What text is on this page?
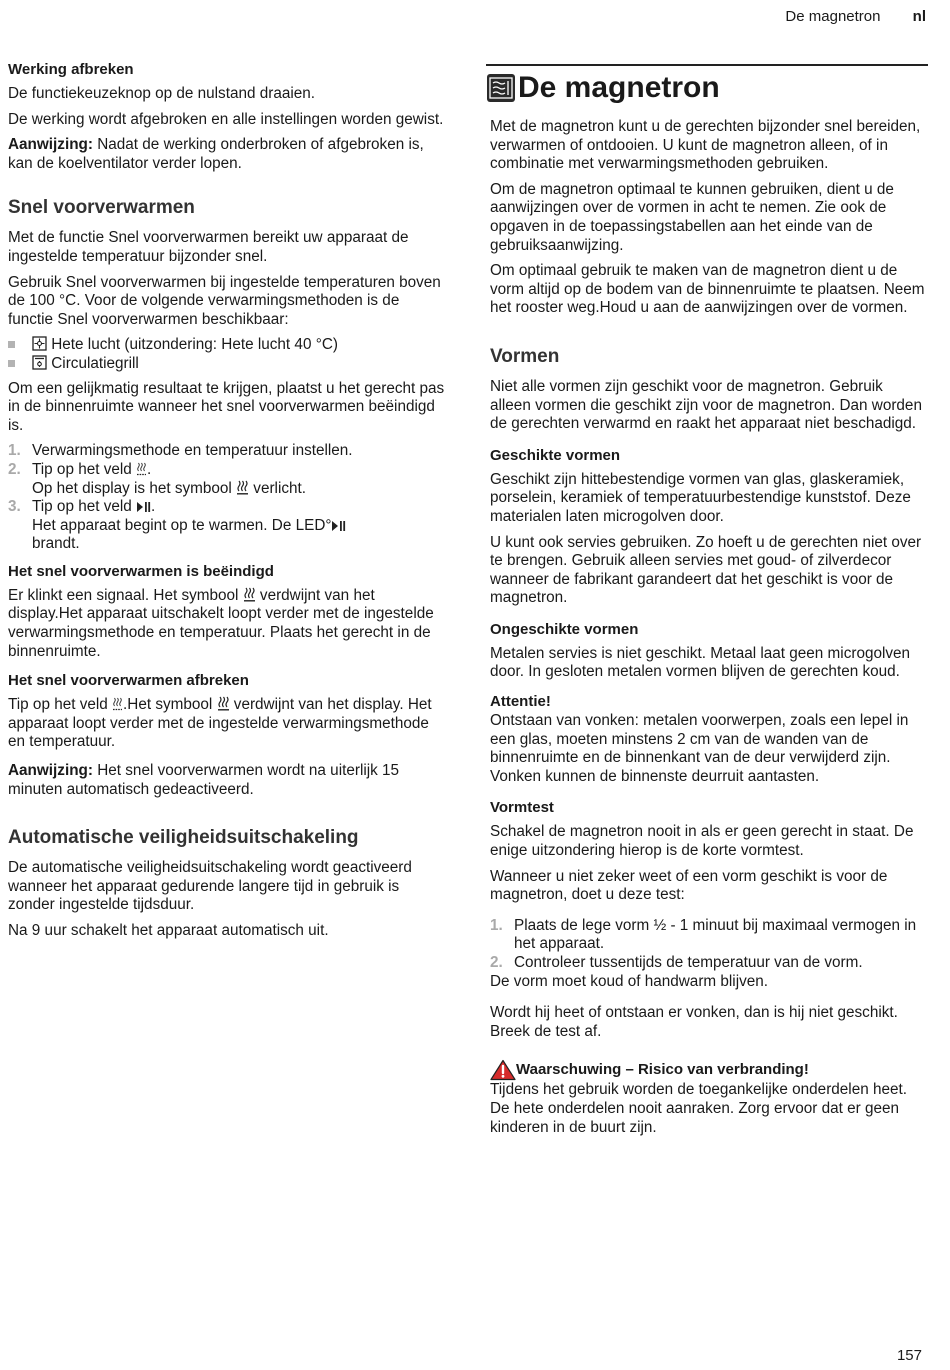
De magnetron nl
Werking afbreken

De functiekeuzeknop op de nulstand draaien.

De werking wordt afgebroken en alle instellingen worden gewist.

Aanwijzing: Nadat de werking onderbroken of afgebroken is, kan de koelventilator verder lopen.

Snel voorverwarmen

Met de functie Snel voorverwarmen bereikt uw apparaat de ingestelde temperatuur bijzonder snel.

Gebruik Snel voorverwarmen bij ingestelde temperaturen boven de 100 °C. Voor de volgende verwarmingsmethoden is de functie Snel voorverwarmen beschikbaar:

Hete lucht (uitzondering: Hete lucht 40 °C)
Circulatiegrill

Om een gelijkmatig resultaat te krijgen, plaatst u het gerecht pas in de binnenruimte wanneer het snel voorverwarmen beëindigd is.

1. Verwarmingsmethode en temperatuur instellen.
2. Tip op het veld .
Op het display is het symbool  verlicht.
3. Tip op het veld .
Het apparaat begint op te warmen. De LED°
brandt.
Het snel voorverwarmen is beëindigd

Er klinkt een signaal. Het symbool  verdwijnt van het display.Het apparaat uitschakelt loopt verder met de ingestelde verwarmingsmethode en temperatuur. Plaats het gerecht in de binnenruimte.

Het snel voorverwarmen afbreken

Tip op het veld .Het symbool  verdwijnt van het display. Het apparaat loopt verder met de ingestelde verwarmingsmethode en temperatuur.

Aanwijzing: Het snel voorverwarmen wordt na uiterlijk 15 minuten automatisch gedeactiveerd.

Automatische veiligheidsuitschakeling

De automatische veiligheidsuitschakeling wordt geactiveerd wanneer het apparaat gedurende langere tijd in gebruik is zonder ingestelde tijdsduur.

Na 9 uur schakelt het apparaat automatisch uit.

De magnetron

Met de magnetron kunt u de gerechten bijzonder snel bereiden, verwarmen of ontdooien. U kunt de magnetron alleen, of in combinatie met verwarmingsmethoden gebruiken.

Om de magnetron optimaal te kunnen gebruiken, dient u de aanwijzingen over de vormen in acht te nemen. Zie ook de opgaven in de toepassingstabellen aan het einde van de gebruiksaanwijzing.

Om optimaal gebruik te maken van de magnetron dient u de vorm altijd op de bodem van de binnenruimte te plaatsen. Neem het rooster weg.Houd u aan de aanwijzingen over de vormen.

Vormen

Niet alle vormen zijn geschikt voor de magnetron. Gebruik alleen vormen die geschikt zijn voor de magnetron. Dan worden de gerechten verwarmd en raakt het apparaat niet beschadigd.

Geschikte vormen

Geschikt zijn hittebestendige vormen van glas, glaskeramiek, porselein, keramiek of temperatuurbestendige kunststof. Deze materialen laten microgolven door.

U kunt ook servies gebruiken. Zo hoeft u de gerechten niet over te brengen. Gebruik alleen servies met goud- of zilverdecor wanneer de fabrikant garandeert dat het geschikt is voor de magnetron.

Ongeschikte vormen

Metalen servies is niet geschikt. Metaal laat geen microgolven door. In gesloten metalen vormen blijven de gerechten koud.

Attentie!

Ontstaan van vonken: metalen voorwerpen, zoals een lepel in een glas, moeten minstens 2 cm van de wanden van de binnenruimte en de binnenkant van de deur verwijderd zijn. Vonken kunnen de binnenste deurruit aantasten.

Vormtest

Schakel de magnetron nooit in als er geen gerecht in staat. De enige uitzondering hierop is de korte vormtest.

Wanneer u niet zeker weet of een vorm geschikt is voor de magnetron, doet u deze test:

1. Plaats de lege vorm ½ - 1 minuut bij maximaal vermogen in het apparaat.
2. Controleer tussentijds de temperatuur van de vorm.

De vorm moet koud of handwarm blijven.

Wordt hij heet of ontstaan er vonken, dan is hij niet geschikt.

Breek de test af.

Waarschuwing – Risico van verbranding!

Tijdens het gebruik worden de toegankelijke onderdelen heet. De hete onderdelen nooit aanraken. Zorg ervoor dat er geen kinderen in de buurt zijn.

157
